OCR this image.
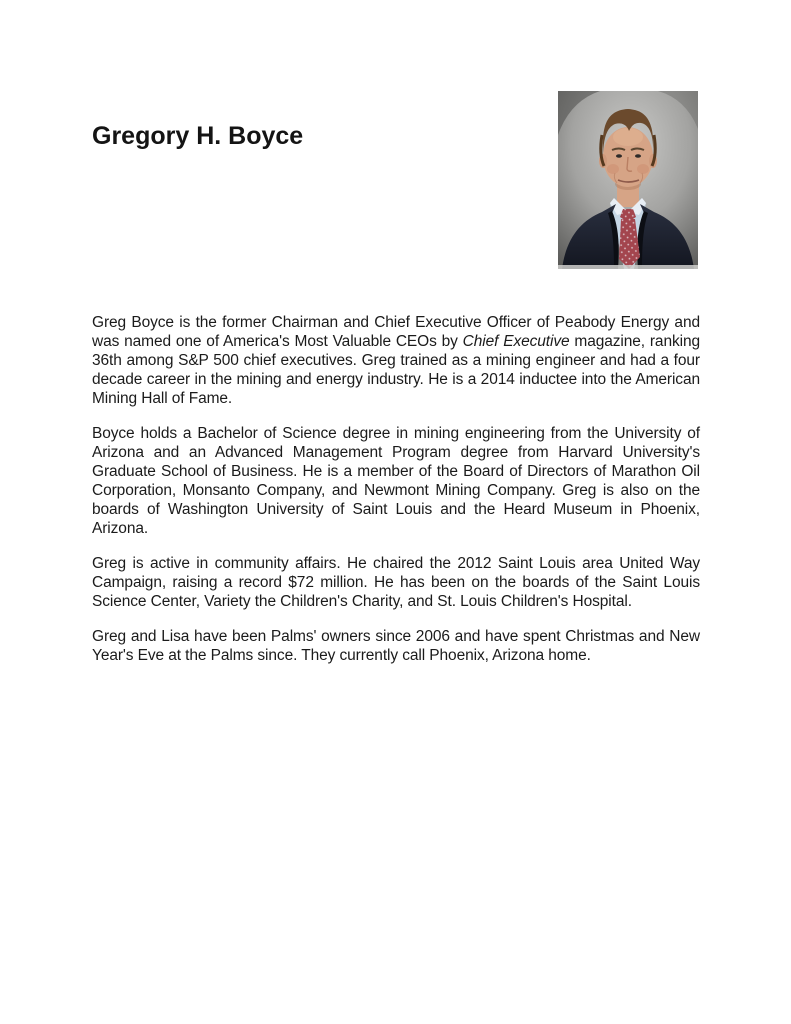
Gregory H. Boyce

Greg Boyce is the former Chairman and Chief Executive Officer of Peabody Energy and was named one of America's Most Valuable CEOs by Chief Executive magazine, ranking 36th among S&P 500 chief executives. Greg trained as a mining engineer and had a four decade career in the mining and energy industry. He is a 2014 inductee into the American Mining Hall of Fame.

Boyce holds a Bachelor of Science degree in mining engineering from the University of Arizona and an Advanced Management Program degree from Harvard University's Graduate School of Business. He is a member of the Board of Directors of Marathon Oil Corporation, Monsanto Company, and Newmont Mining Company. Greg is also on the boards of Washington University of Saint Louis and the Heard Museum in Phoenix, Arizona.

Greg is active in community affairs. He chaired the 2012 Saint Louis area United Way Campaign, raising a record $72 million. He has been on the boards of the Saint Louis Science Center, Variety the Children's Charity, and St. Louis Children's Hospital.

Greg and Lisa have been Palms' owners since 2006 and have spent Christmas and New Year's Eve at the Palms since. They currently call Phoenix, Arizona home.
